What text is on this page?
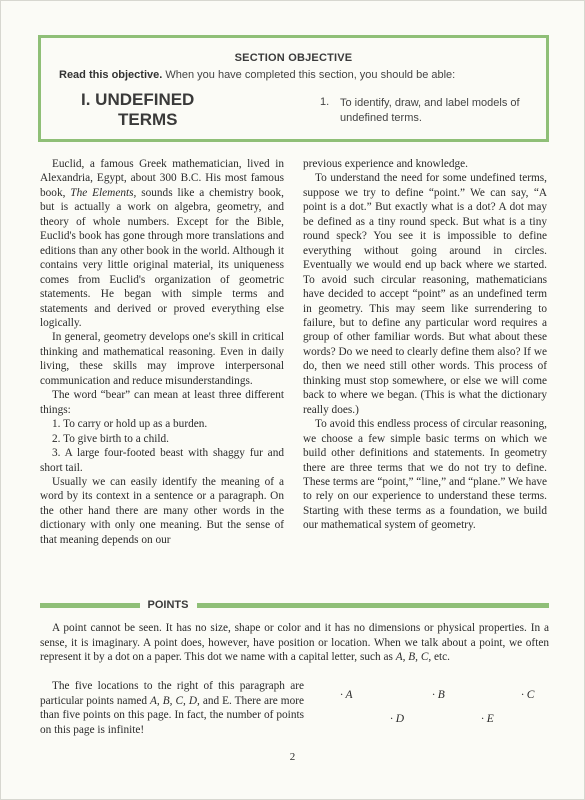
SECTION OBJECTIVE
Read this objective. When you have completed this section, you should be able:
I. UNDEFINED
TERMS
1. To identify, draw, and label models of undefined terms.

Euclid, a famous Greek mathematician, lived in Alexandria, Egypt, about 300 B.C. His most famous book, The Elements, sounds like a chemistry book, but is actually a work on algebra, geometry, and theory of whole numbers. Except for the Bible, Euclid's book has gone through more translations and editions than any other book in the world. Although it contains very little original material, its uniqueness comes from Euclid's organization of geometric statements. He began with simple terms and statements and derived or proved everything else logically.

In general, geometry develops one's skill in critical thinking and mathematical reasoning. Even in daily living, these skills may improve interpersonal communication and reduce misunderstandings.

The word “bear” can mean at least three different things:

1. To carry or hold up as a burden.

2. To give birth to a child.

3. A large four-footed beast with shaggy fur and short tail.

Usually we can easily identify the meaning of a word by its context in a sentence or a paragraph. On the other hand there are many other words in the dictionary with only one meaning. But the sense of that meaning depends on our

previous experience and knowledge.

To understand the need for some undefined terms, suppose we try to define “point.” We can say, “A point is a dot.” But exactly what is a dot? A dot may be defined as a tiny round speck. But what is a tiny round speck? You see it is impossible to define everything without going around in circles. Eventually we would end up back where we started. To avoid such circular reasoning, mathematicians have decided to accept “point” as an undefined term in geometry. This may seem like surrendering to failure, but to define any particular word requires a group of other familiar words. But what about these words? Do we need to clearly define them also? If we do, then we need still other words. This process of thinking must stop somewhere, or else we will come back to where we began. (This is what the dictionary really does.)

To avoid this endless process of circular reasoning, we choose a few simple basic terms on which we build other definitions and statements. In geometry there are three terms that we do not try to define. These terms are “point,” “line,” and “plane.” We have to rely on our experience to understand these terms. Starting with these terms as a foundation, we build our mathematical system of geometry.

POINTS

A point cannot be seen. It has no size, shape or color and it has no dimensions or physical properties. In a sense, it is imaginary. A point does, however, have position or location. When we talk about a point, we often represent it by a dot on a paper. This dot we name with a capital letter, such as A, B, C, etc.

The five locations to the right of this paragraph are particular points named A, B, C, D, and E. There are more than five points on this page. In fact, the number of points on this page is infinite!

· A	· B	· C
· D	· E
2
